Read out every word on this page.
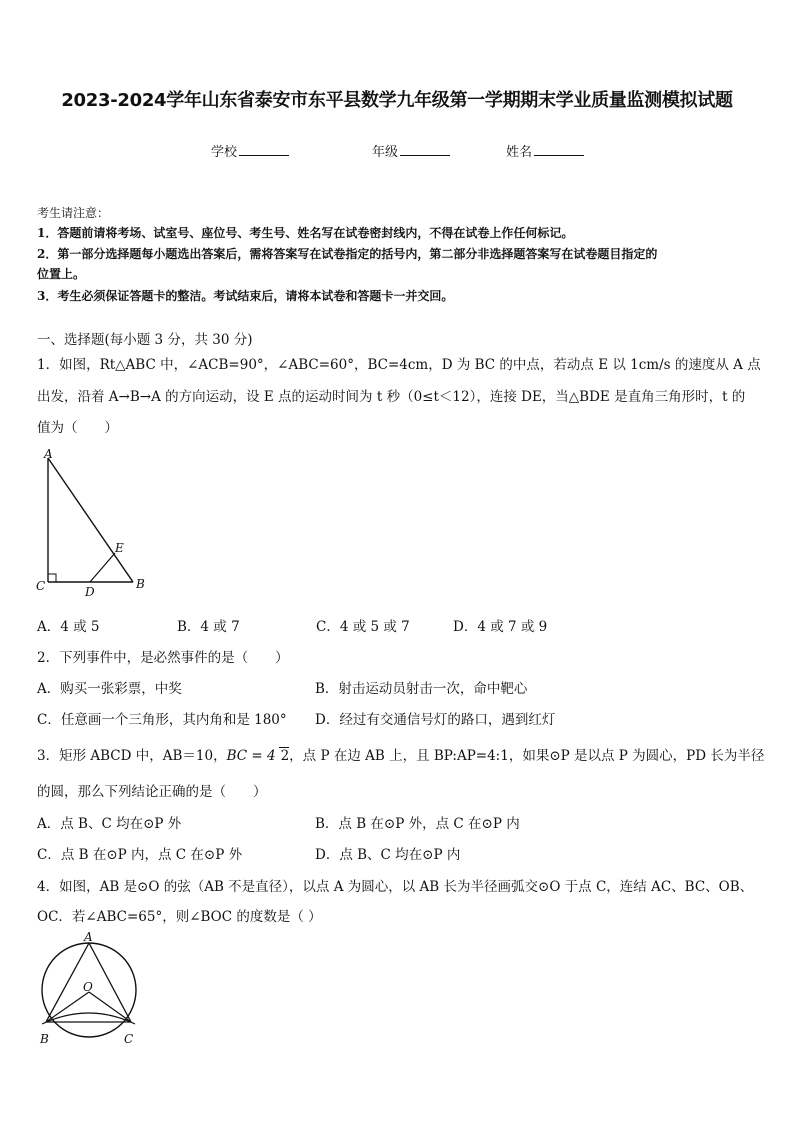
2023-2024学年山东省泰安市东平县数学九年级第一学期期末学业质量监测模拟试题
学校	年级	姓名
考生请注意：
1．答题前请将考场、试室号、座位号、考生号、姓名写在试卷密封线内，不得在试卷上作任何标记。
2．第一部分选择题每小题选出答案后，需将答案写在试卷指定的括号内，第二部分非选择题答案写在试卷题目指定的
位置上。
3．考生必须保证答题卡的整洁。考试结束后，请将本试卷和答题卡一并交回。
一、选择题(每小题 3 分，共 30 分)
1．如图，Rt△ABC 中，∠ACB=90°，∠ABC=60°，BC=4cm，D 为 BC 的中点，若动点 E 以 1cm/s 的速度从 A 点
出发，沿着 A→B→A 的方向运动，设 E 点的运动时间为 t 秒（0≤t＜12），连接 DE，当△BDE 是直角三角形时，t 的
值为（　　）
A
E
C	D
B
A．4 或 5	B．4 或 7	C．4 或 5 或 7	D．4 或 7 或 9
2．下列事件中，是必然事件的是（　　）
A．购买一张彩票，中奖	B．射击运动员射击一次，命中靶心
C．任意画一个三角形，其内角和是 180° D．经过有交通信号灯的路口，遇到红灯
3．矩形 ABCD 中，AB＝10，BC = 4 2，点 P 在边 AB 上，且 BP:AP=4:1，如果⊙P 是以点 P 为圆心，PD 长为半径
的圆，那么下列结论正确的是（　　）
A．点 B、C 均在⊙P 外	B．点 B 在⊙P 外，点 C 在⊙P 内
C．点 B 在⊙P 内，点 C 在⊙P 外	D．点 B、C 均在⊙P 内
4．如图，AB 是⊙O 的弦（AB 不是直径），以点 A 为圆心，以 AB 长为半径画弧交⊙O 于点 C，连结 AC、BC、OB、
OC．若∠ABC=65°，则∠BOC 的度数是（ ）
A
O
B	C
